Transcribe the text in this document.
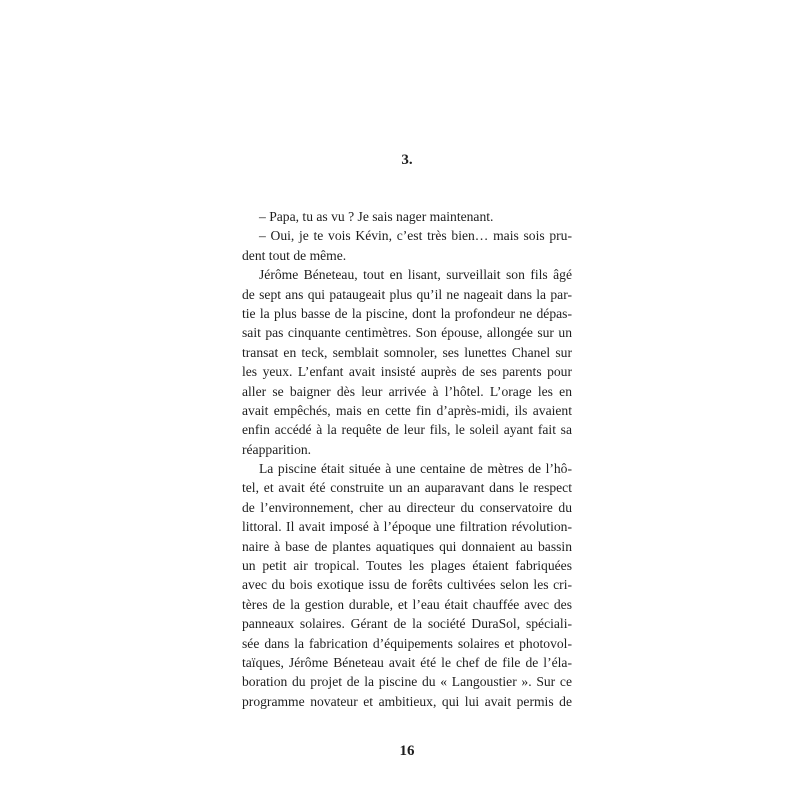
3.
– Papa, tu as vu ? Je sais nager maintenant.
– Oui, je te vois Kévin, c’est très bien… mais sois pru-
dent tout de même.
Jérôme Béneteau, tout en lisant, surveillait son fils âgé
de sept ans qui pataugeait plus qu’il ne nageait dans la par-
tie la plus basse de la piscine, dont la profondeur ne dépas-
sait pas cinquante centimètres. Son épouse, allongée sur un
transat en teck, semblait somnoler, ses lunettes Chanel sur
les yeux. L’enfant avait insisté auprès de ses parents pour
aller se baigner dès leur arrivée à l’hôtel. L’orage les en
avait empêchés, mais en cette fin d’après-midi, ils avaient
enfin accédé à la requête de leur fils, le soleil ayant fait sa
réapparition.
La piscine était située à une centaine de mètres de l’hô-
tel, et avait été construite un an auparavant dans le respect
de l’environnement, cher au directeur du conservatoire du
littoral. Il avait imposé à l’époque une filtration révolution-
naire à base de plantes aquatiques qui donnaient au bassin
un petit air tropical. Toutes les plages étaient fabriquées
avec du bois exotique issu de forêts cultivées selon les cri-
tères de la gestion durable, et l’eau était chauffée avec des
panneaux solaires. Gérant de la société DuraSol, spéciali-
sée dans la fabrication d’équipements solaires et photovol-
taïques, Jérôme Béneteau avait été le chef de file de l’éla-
boration du projet de la piscine du « Langoustier ». Sur ce
programme novateur et ambitieux, qui lui avait permis de
16
